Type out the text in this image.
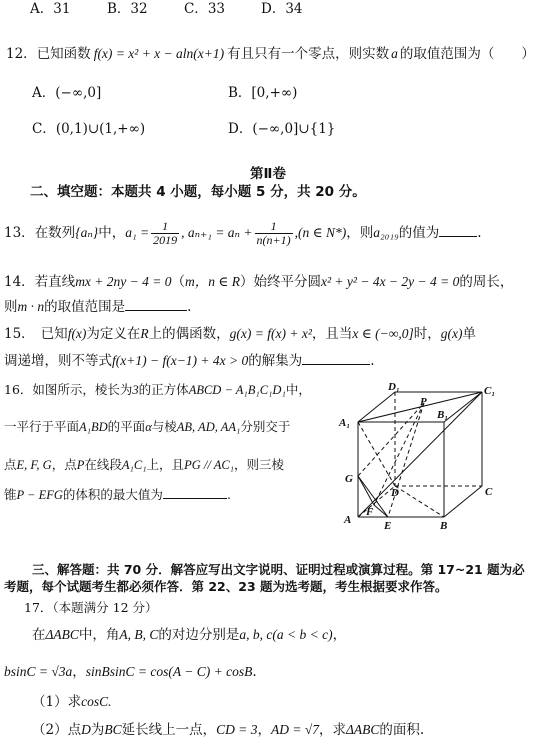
A．31	B．32	C．33	D．34
12．已知函数 f(x) = x² + x − aln(x+1) 有且只有一个零点，则实数 a 的取值范围为（　　）
A．(−∞,0]	B．[0,+∞)
C．(0,1)∪(1,+∞)	D．(−∞,0]∪{1}
第Ⅱ卷
二、填空题：本题共 4 小题，每小题 5 分，共 20 分。
13．在数列{aₙ}中，$a_1 = \frac{1}{2019}$ , $a_{n+1} = a_n + \frac{1}{n(n+1)} ,(n$ ∈ N*)，则a₂₀₁₉的值为	.
14．若直线mx + 2ny − 4 = 0（m，n ∈ R）始终平分圆x² + y² − 4x − 2y − 4 = 0的周长，
则m · n的取值范围是	.
15． 已知f(x)为定义在R上的偶函数，g(x) = f(x) + x²，且当x ∈ (−∞,0]时，g(x)单
调递增，则不等式f(x+1) − f(x−1) + 4x > 0的解集为	.
16．如图所示，棱长为3的正方体ABCD − A₁B₁C₁D₁中，
一平行于平面A₁BD的平面α与棱AB, AD, AA₁分别交于
点E, F, G，点P在线段A₁C₁上，且PG // AC₁，则三棱
锥P − EFG的体积的最大值为	.
D₁	C₁
A₁
B₁
P
G
D	C
F
A	E	B
三、解答题：共 70 分．解答应写出文字说明、证明过程或演算过程。第 17~21 题为必
考题，每个试题考生都必须作答．第 22、23 题为选考题，考生根据要求作答。
17．（本题满分 12 分）
在ΔABC中，角A, B, C的对边分别是a, b, c(a < b < c)，
bsinC = √3a，sinBsinC = cos(A − C) + cosB.
（1）求cosC.
（2）点D为BC延长线上一点，CD = 3，AD = √7，求ΔABC的面积.
